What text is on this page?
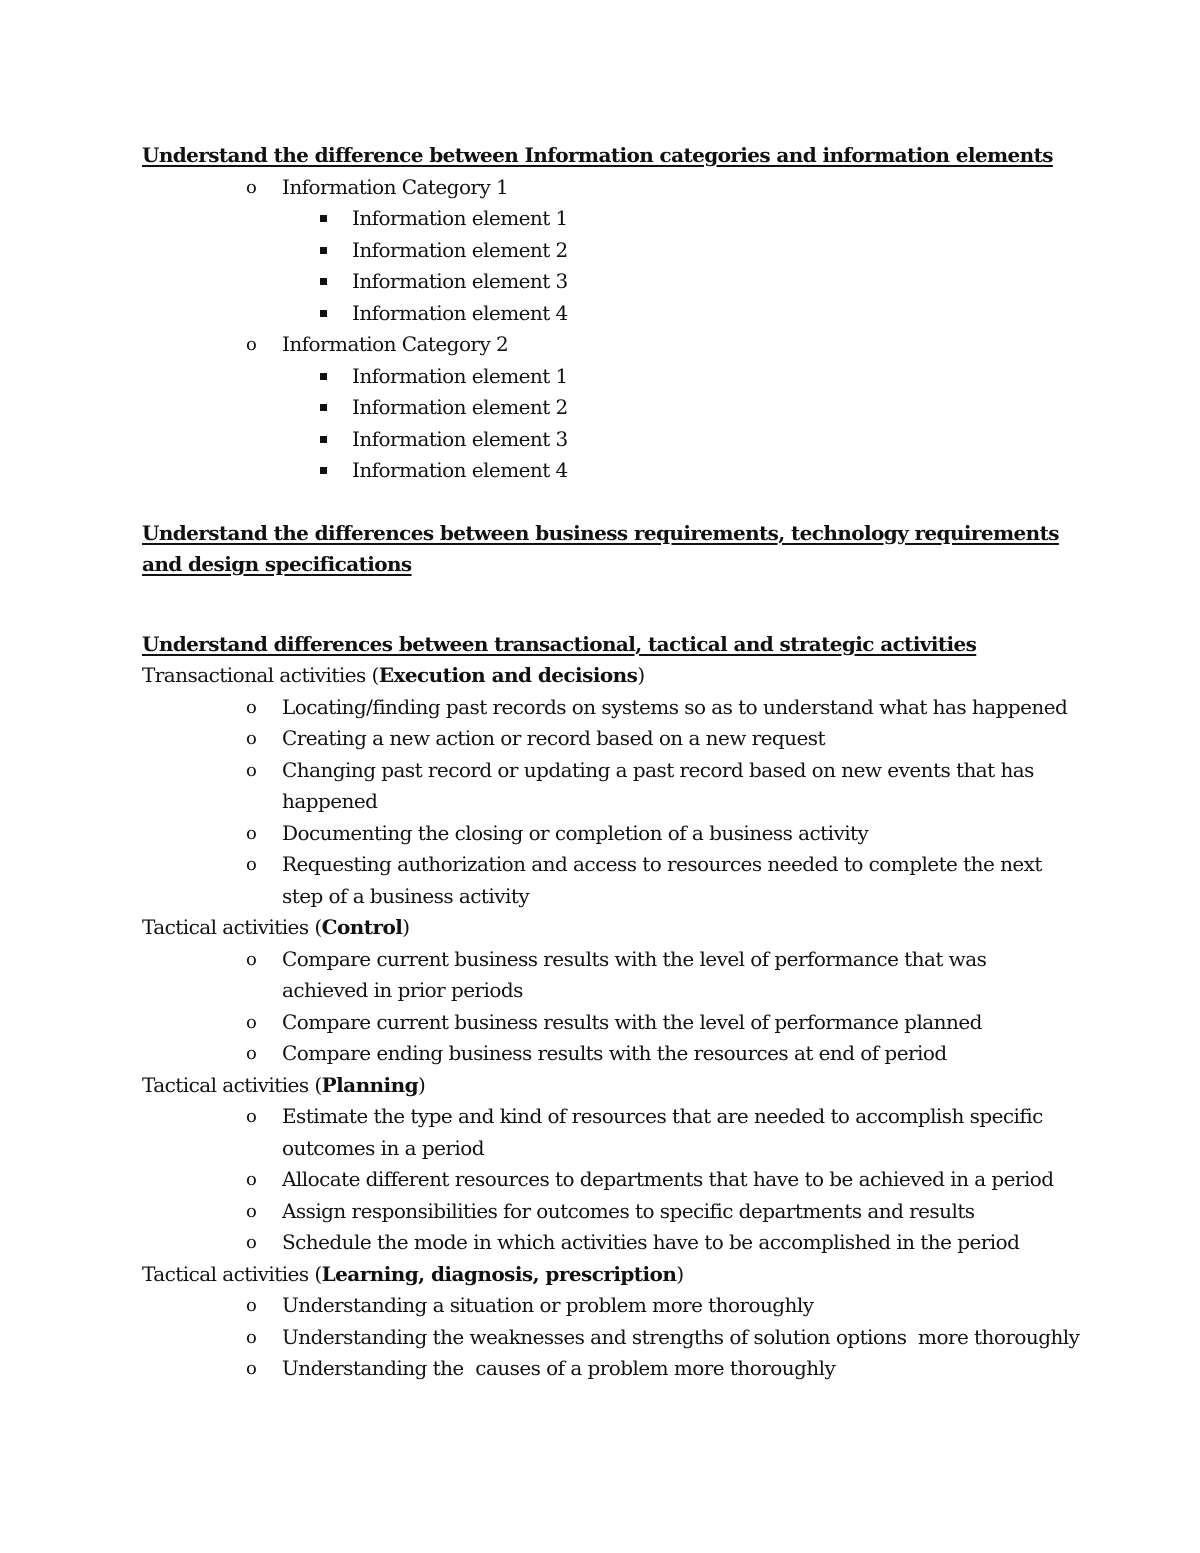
Understand the difference between Information categories and information elements
o Information Category 1
Information element 1
Information element 2
Information element 3
Information element 4
o Information Category 2
Information element 1
Information element 2
Information element 3
Information element 4
Understand the differences between business requirements, technology requirements and design specifications
Understand differences between transactional, tactical and strategic activities
Transactional activities (Execution and decisions)
o Locating/finding past records on systems so as to understand what has happened
o Creating a new action or record based on a new request
o Changing past record or updating a past record based on new events that has happened
o Documenting the closing or completion of a business activity
o Requesting authorization and access to resources needed to complete the next step of a business activity
Tactical activities (Control)
o Compare current business results with the level of performance that was achieved in prior periods
o Compare current business results with the level of performance planned
o Compare ending business results with the resources at end of period
Tactical activities (Planning)
o Estimate the type and kind of resources that are needed to accomplish specific outcomes in a period
o Allocate different resources to departments that have to be achieved in a period
o Assign responsibilities for outcomes to specific departments and results
o Schedule the mode in which activities have to be accomplished in the period
Tactical activities (Learning, diagnosis, prescription)
o Understanding a situation or problem more thoroughly
o Understanding the weaknesses and strengths of solution options  more thoroughly
o Understanding the  causes of a problem more thoroughly
